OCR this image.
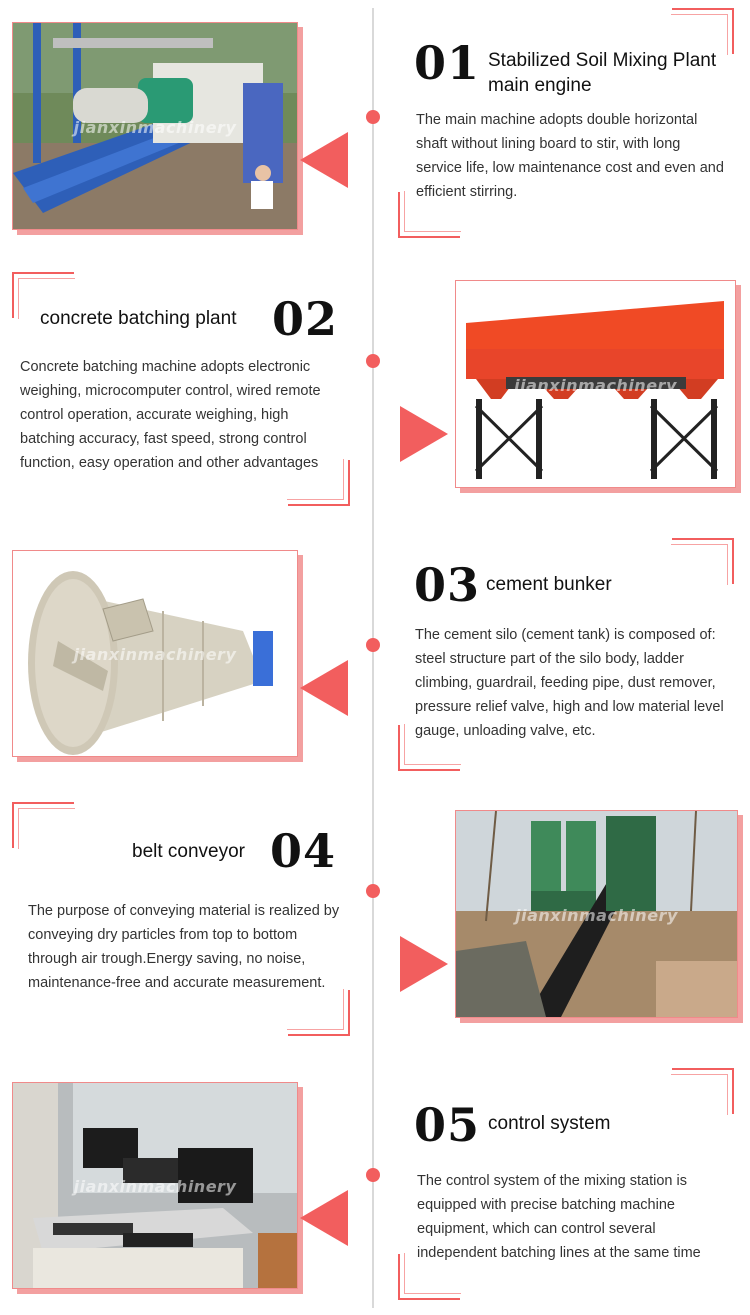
jianxinmachinery
01 Stabilized Soil Mixing Plant main engine
The main machine adopts double horizontal shaft without lining board to stir, with long service life, low maintenance cost and even and efficient stirring.
concrete batching plant 02
Concrete batching machine adopts electronic weighing, microcomputer control, wired remote control operation, accurate weighing, high batching accuracy, fast speed, strong control function, easy operation and other advantages
jianxinmachinery
jianxinmachinery
03 cement bunker
The cement silo (cement tank) is composed of: steel structure part of the silo body, ladder climbing, guardrail, feeding pipe, dust remover, pressure relief valve, high and low material level gauge, unloading valve, etc.
belt conveyor 04
The purpose of conveying material is realized by conveying dry particles from top to bottom through air trough.Energy saving, no noise, maintenance-free and accurate measurement.
jianxinmachinery
jianxinmachinery
05 control system
The control system of the mixing station is equipped with precise batching machine equipment, which can control several independent batching lines at the same time
